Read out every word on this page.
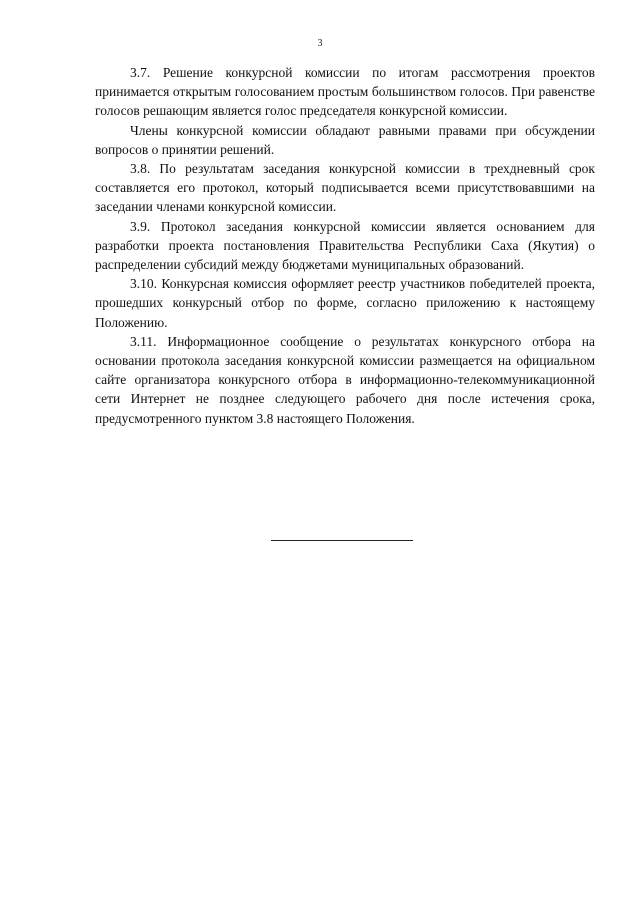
3

3.7. Решение конкурсной комиссии по итогам рассмотрения проектов принимается открытым голосованием простым большинством голосов. При равенстве голосов решающим является голос председателя конкурсной комиссии.

Члены конкурсной комиссии обладают равными правами при обсуждении вопросов о принятии решений.

3.8. По результатам заседания конкурсной комиссии в трехдневный срок составляется его протокол, который подписывается всеми присутствовавшими на заседании членами конкурсной комиссии.

3.9. Протокол заседания конкурсной комиссии является основанием для разработки проекта постановления Правительства Республики Саха (Якутия) о распределении субсидий между бюджетами муниципальных образований.

3.10. Конкурсная комиссия оформляет реестр участников победителей проекта, прошедших конкурсный отбор по форме, согласно приложению к настоящему Положению.

3.11. Информационное сообщение о результатах конкурсного отбора на основании протокола заседания конкурсной комиссии размещается на официальном сайте организатора конкурсного отбора в информационно-телекоммуникационной сети Интернет не позднее следующего рабочего дня после истечения срока, предусмотренного пунктом 3.8 настоящего Положения.
